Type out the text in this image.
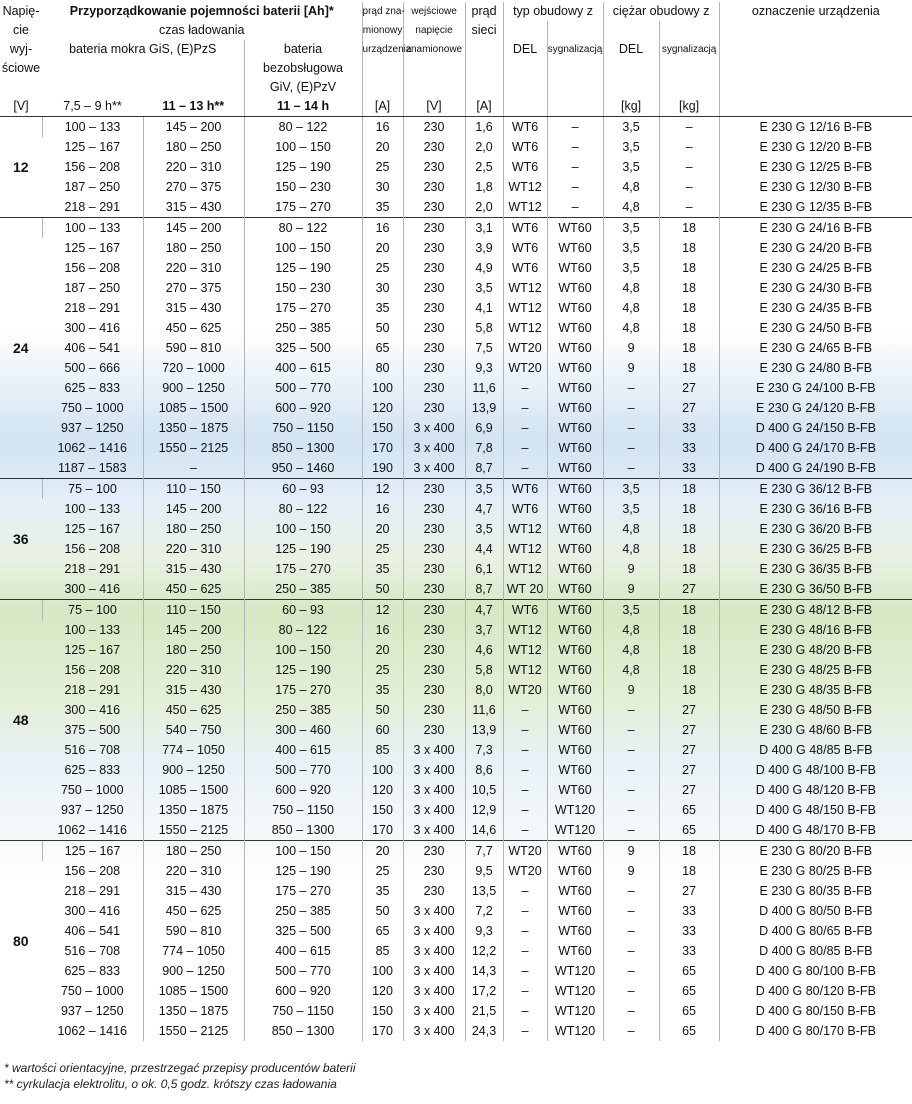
Napię-	Przyporządkowanie pojemności baterii [Ah]*			prąd zna-	wejściowe	prąd	typ obudowy z		ciężar obudowy z		oznaczenie urządzenia
cie	czas ładowania			mionowy	napięcie	sieci					
wyj-	bateria mokra GiS, (E)PzS		bateria	urządzenia	znamionowe		DEL	sygnalizacją	DEL	sygnalizacją	
ściowe			bezobsługowa								
			GiV, (E)PzV								
[V]	7,5 – 9 h**	11 – 13 h**	11 – 14 h	[A]	[V]	[A]			[kg]	[kg]	
12	100 – 133	145 – 200	80 – 122	16	230	1,6	WT6	–	3,5	–	E 230 G 12/16 B-FB
	125 – 167	180 – 250	100 – 150	20	230	2,0	WT6	–	3,5	–	E 230 G 12/20 B-FB
	156 – 208	220 – 310	125 – 190	25	230	2,5	WT6	–	3,5	–	E 230 G 12/25 B-FB
	187 – 250	270 – 375	150 – 230	30	230	1,8	WT12	–	4,8	–	E 230 G 12/30 B-FB
	218 – 291	315 – 430	175 – 270	35	230	2,0	WT12	–	4,8	–	E 230 G 12/35 B-FB
24	100 – 133	145 – 200	80 – 122	16	230	3,1	WT6	WT60	3,5	18	E 230 G 24/16 B-FB
	125 – 167	180 – 250	100 – 150	20	230	3,9	WT6	WT60	3,5	18	E 230 G 24/20 B-FB
	156 – 208	220 – 310	125 – 190	25	230	4,9	WT6	WT60	3,5	18	E 230 G 24/25 B-FB
	187 – 250	270 – 375	150 – 230	30	230	3,5	WT12	WT60	4,8	18	E 230 G 24/30 B-FB
	218 – 291	315 – 430	175 – 270	35	230	4,1	WT12	WT60	4,8	18	E 230 G 24/35 B-FB
	300 – 416	450 – 625	250 – 385	50	230	5,8	WT12	WT60	4,8	18	E 230 G 24/50 B-FB
	406 – 541	590 – 810	325 – 500	65	230	7,5	WT20	WT60	9	18	E 230 G 24/65 B-FB
	500 – 666	720 – 1000	400 – 615	80	230	9,3	WT20	WT60	9	18	E 230 G 24/80 B-FB
	625 – 833	900 – 1250	500 – 770	100	230	11,6	–	WT60	–	27	E 230 G 24/100 B-FB
	750 – 1000	1085 – 1500	600 – 920	120	230	13,9	–	WT60	–	27	E 230 G 24/120 B-FB
	937 – 1250	1350 – 1875	750 – 1150	150	3 x 400	6,9	–	WT60	–	33	D 400 G 24/150 B-FB
	1062 – 1416	1550 – 2125	850 – 1300	170	3 x 400	7,8	–	WT60	–	33	D 400 G 24/170 B-FB
	1187 – 1583	–	950 – 1460	190	3 x 400	8,7	–	WT60	–	33	D 400 G 24/190 B-FB
36	75 – 100	110 – 150	60 – 93	12	230	3,5	WT6	WT60	3,5	18	E 230 G 36/12 B-FB
	100 – 133	145 – 200	80 – 122	16	230	4,7	WT6	WT60	3,5	18	E 230 G 36/16 B-FB
	125 – 167	180 – 250	100 – 150	20	230	3,5	WT12	WT60	4,8	18	E 230 G 36/20 B-FB
	156 – 208	220 – 310	125 – 190	25	230	4,4	WT12	WT60	4,8	18	E 230 G 36/25 B-FB
	218 – 291	315 – 430	175 – 270	35	230	6,1	WT12	WT60	9	18	E 230 G 36/35 B-FB
	300 – 416	450 – 625	250 – 385	50	230	8,7	WT 20	WT60	9	27	E 230 G 36/50 B-FB
48	75 – 100	110 – 150	60 – 93	12	230	4,7	WT6	WT60	3,5	18	E 230 G 48/12 B-FB
	100 – 133	145 – 200	80 – 122	16	230	3,7	WT12	WT60	4,8	18	E 230 G 48/16 B-FB
	125 – 167	180 – 250	100 – 150	20	230	4,6	WT12	WT60	4,8	18	E 230 G 48/20 B-FB
	156 – 208	220 – 310	125 – 190	25	230	5,8	WT12	WT60	4,8	18	E 230 G 48/25 B-FB
	218 – 291	315 – 430	175 – 270	35	230	8,0	WT20	WT60	9	18	E 230 G 48/35 B-FB
	300 – 416	450 – 625	250 – 385	50	230	11,6	–	WT60	–	27	E 230 G 48/50 B-FB
	375 – 500	540 – 750	300 – 460	60	230	13,9	–	WT60	–	27	E 230 G 48/60 B-FB
	516 – 708	774 – 1050	400 – 615	85	3 x 400	7,3	–	WT60	–	27	D 400 G 48/85 B-FB
	625 – 833	900 – 1250	500 – 770	100	3 x 400	8,6	–	WT60	–	27	D 400 G 48/100 B-FB
	750 – 1000	1085 – 1500	600 – 920	120	3 x 400	10,5	–	WT60	–	27	D 400 G 48/120 B-FB
	937 – 1250	1350 – 1875	750 – 1150	150	3 x 400	12,9	–	WT120	–	65	D 400 G 48/150 B-FB
	1062 – 1416	1550 – 2125	850 – 1300	170	3 x 400	14,6	–	WT120	–	65	D 400 G 48/170 B-FB
80	125 – 167	180 – 250	100 – 150	20	230	7,7	WT20	WT60	9	18	E 230 G 80/20 B-FB
	156 – 208	220 – 310	125 – 190	25	230	9,5	WT20	WT60	9	18	E 230 G 80/25 B-FB
	218 – 291	315 – 430	175 – 270	35	230	13,5	–	WT60	–	27	E 230 G 80/35 B-FB
	300 – 416	450 – 625	250 – 385	50	3 x 400	7,2	–	WT60	–	33	D 400 G 80/50 B-FB
	406 – 541	590 – 810	325 – 500	65	3 x 400	9,3	–	WT60	–	33	D 400 G 80/65 B-FB
	516 – 708	774 – 1050	400 – 615	85	3 x 400	12,2	–	WT60	–	33	D 400 G 80/85 B-FB
	625 – 833	900 – 1250	500 – 770	100	3 x 400	14,3	–	WT120	–	65	D 400 G 80/100 B-FB
	750 – 1000	1085 – 1500	600 – 920	120	3 x 400	17,2	–	WT120	–	65	D 400 G 80/120 B-FB
	937 – 1250	1350 – 1875	750 – 1150	150	3 x 400	21,5	–	WT120	–	65	D 400 G 80/150 B-FB
	1062 – 1416	1550 – 2125	850 – 1300	170	3 x 400	24,3	–	WT120	–	65	D 400 G 80/170 B-FB
* wartości orientacyjne, przestrzegać przepisy producentów baterii
** cyrkulacja elektrolitu, o ok. 0,5 godz. krótszy czas ładowania
